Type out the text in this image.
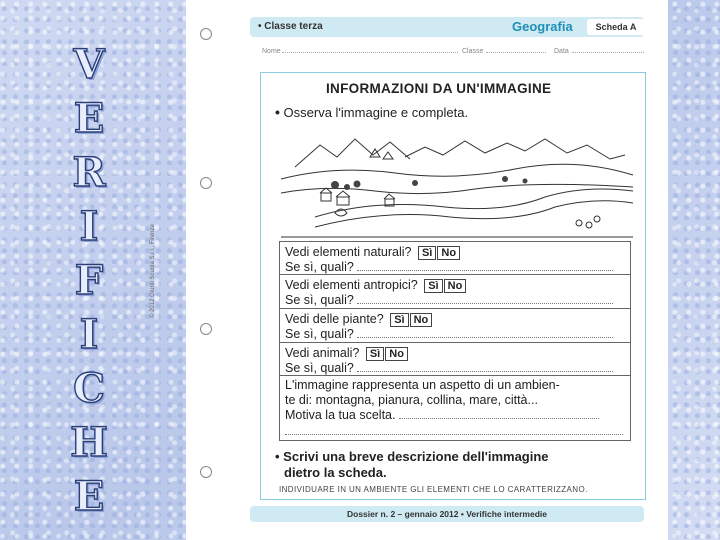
V
E
R
I
F
I
C
H
E
• Classe terza	Geografia	Scheda A
Nome	Classe	Data
© 2012 Giunti Scuola S.r.l., Firenze
INFORMAZIONI DA UN'IMMAGINE
• Osserva l'immagine e completa.
Vedi elementi naturali? Sì No
Se sì, quali?
Vedi elementi antropici? Sì No
Se sì, quali?
Vedi delle piante? Sì No
Se sì, quali?
Vedi animali? Sì No
Se sì, quali?
L'immagine rappresenta un aspetto di un ambien-
te di: montagna, pianura, collina, mare, città...
Motiva la tua scelta.
• Scrivi una breve descrizione dell'immagine
dietro la scheda.
INDIVIDUARE IN UN AMBIENTE GLI ELEMENTI CHE LO CARATTERIZZANO.
Dossier n. 2 – gennaio 2012 • Verifiche intermedie
